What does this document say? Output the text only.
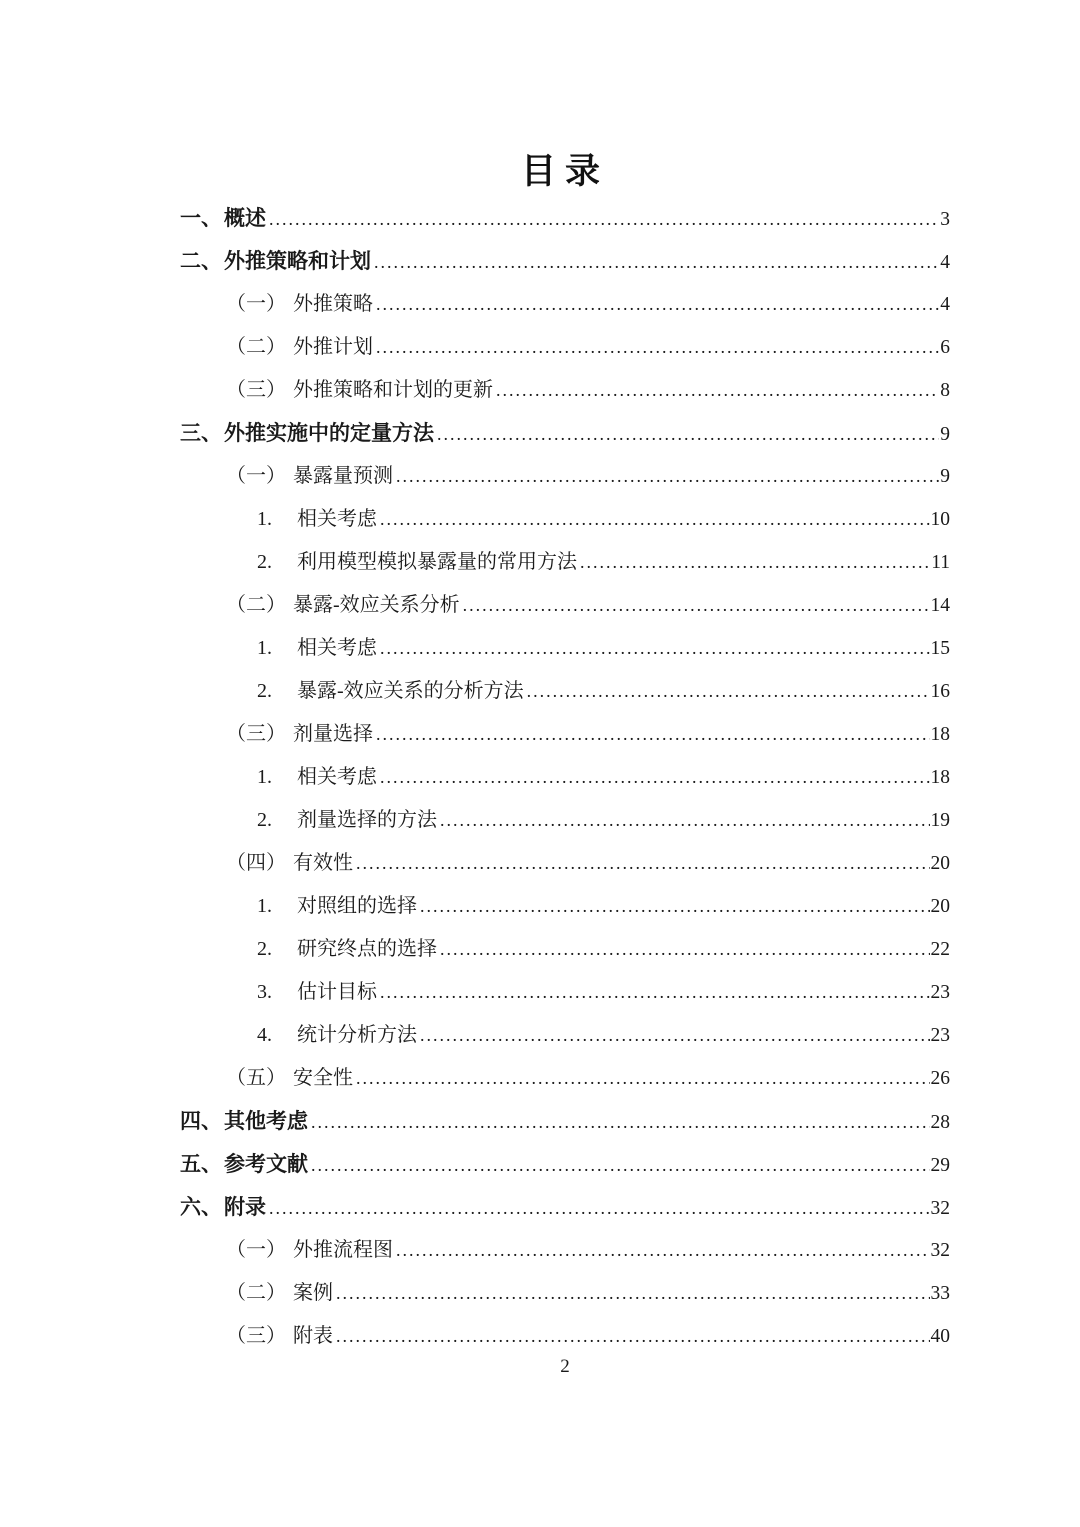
目录
一、 概述 .....	3
二、 外推策略和计划 .....	4
（一） 外推策略 .....	4
（二） 外推计划 .....	6
（三） 外推策略和计划的更新 .....	8
三、 外推实施中的定量方法 .....	9
（一） 暴露量预测 .....	9
1. 相关考虑 .....	10
2. 利用模型模拟暴露量的常用方法 .....	11
（二） 暴露-效应关系分析 .....	14
1. 相关考虑 .....	15
2. 暴露-效应关系的分析方法 .....	16
（三） 剂量选择 .....	18
1. 相关考虑 .....	18
2. 剂量选择的方法 .....	19
（四） 有效性 .....	20
1. 对照组的选择 .....	20
2. 研究终点的选择 .....	22
3. 估计目标 .....	23
4. 统计分析方法 .....	23
（五） 安全性 .....	26
四、 其他考虑 .....	28
五、 参考文献 .....	29
六、 附录 .....	32
（一） 外推流程图 .....	32
（二） 案例 .....	33
（三） 附表 .....	40
2
